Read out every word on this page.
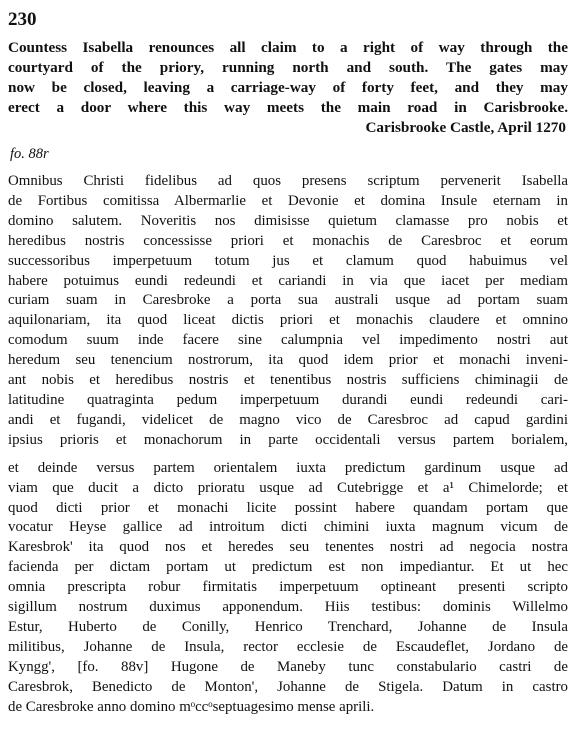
230
Countess Isabella renounces all claim to a right of way through the
courtyard of the priory, running north and south. The gates may
now be closed, leaving a carriage-way of forty feet, and they may
erect a door where this way meets the main road in Carisbrooke.
Carisbrooke Castle, April 1270
fo. 88r
Omnibus Christi fidelibus ad quos presens scriptum pervenerit Isabella
de Fortibus comitissa Albermarlie et Devonie et domina Insule eternam in
domino salutem. Noveritis nos dimisisse quietum clamasse pro nobis et
heredibus nostris concessisse priori et monachis de Caresbroc et eorum
successoribus imperpetuum totum jus et clamum quod habuimus vel
habere potuimus eundi redeundi et cariandi in via que iacet per mediam
curiam suam in Caresbroke a porta sua australi usque ad portam suam
aquilonariam, ita quod liceat dictis priori et monachis claudere et omnino
comodum suum inde facere sine calumpnia vel impedimento nostri aut
heredum seu tenencium nostrorum, ita quod idem prior et monachi inveni-
ant nobis et heredibus nostris et tenentibus nostris sufficiens chiminagii de
latitudine quatraginta pedum imperpetuum durandi eundi redeundi cari-
andi et fugandi, videlicet de magno vico de Caresbroc ad capud gardini
ipsius prioris et monachorum in parte occidentali versus partem borialem,
et deinde versus partem orientalem iuxta predictum gardinum usque ad
viam que ducit a dicto prioratu usque ad Cutebrigge et a¹ Chimelorde; et
quod dicti prior et monachi licite possint habere quandam portam que
vocatur Heyse gallice ad introitum dicti chimini iuxta magnum vicum de
Karesbrok' ita quod nos et heredes seu tenentes nostri ad negocia nostra
facienda per dictam portam ut predictum est non impediantur. Et ut hec
omnia prescripta robur firmitatis imperpetuum optineant presenti scripto
sigillum nostrum duximus apponendum. Hiis testibus: dominis Willelmo
Estur, Huberto de Conilly, Henrico Trenchard, Johanne de Insula
militibus, Johanne de Insula, rector ecclesie de Escaudeflet, Jordano de
Kyngg', [fo. 88v] Hugone de Maneby tunc constabulario castri de
Caresbrok, Benedicto de Monton', Johanne de Stigela. Datum in castro
de Caresbroke anno domino mᵒccᵒseptuagesimo mense aprili.
